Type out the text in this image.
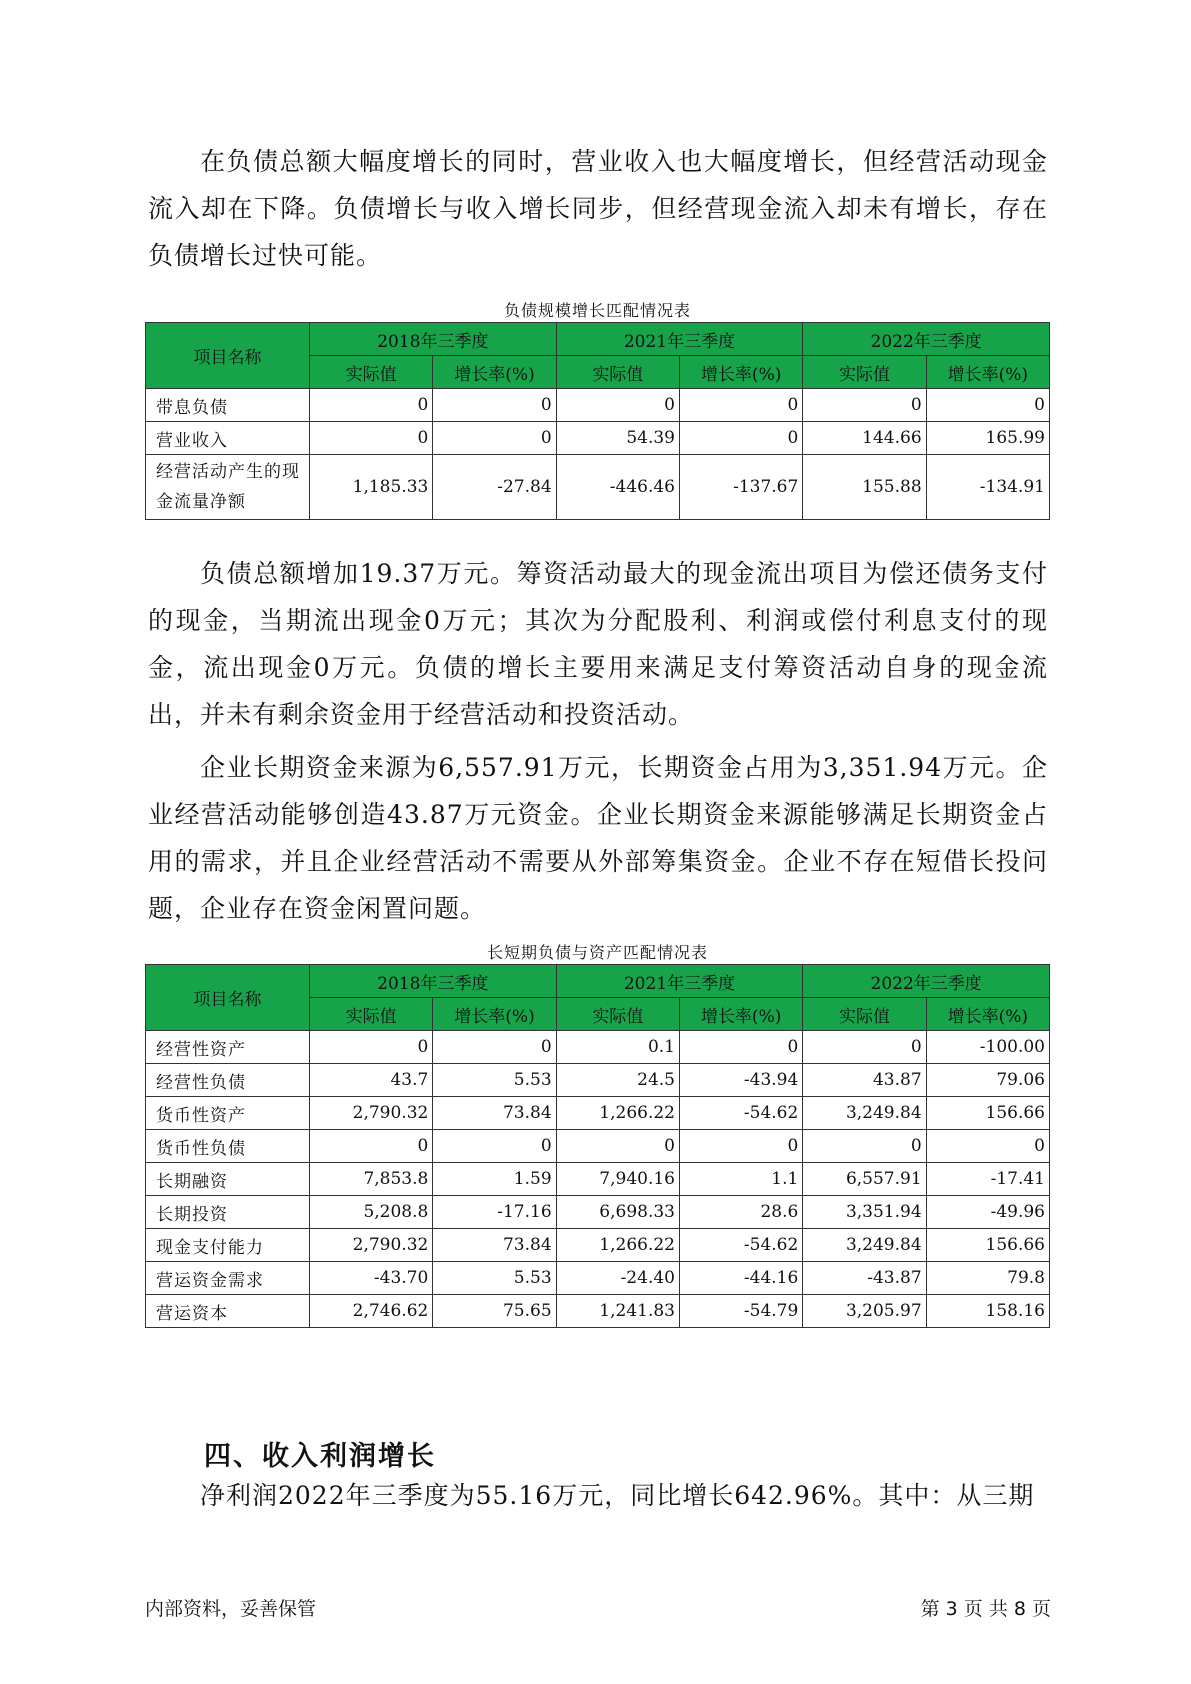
在负债总额大幅度增长的同时，营业收入也大幅度增长，但经营活动现金流入却在下降。负债增长与收入增长同步，但经营现金流入却未有增长，存在负债增长过快可能。

负债规模增长匹配情况表
项目名称	2018年三季度		2021年三季度		2022年三季度	
	实际值	增长率(%)	实际值	增长率(%)	实际值	增长率(%)
带息负债	0	0	0	0	0	0
营业收入	0	0	54.39	0	144.66	165.99
经营活动产生的现金流量净额	1,185.33	-27.84	-446.46	-137.67	155.88	-134.91

负债总额增加19.37万元。筹资活动最大的现金流出项目为偿还债务支付的现金，当期流出现金0万元；其次为分配股利、利润或偿付利息支付的现金，流出现金0万元。负债的增长主要用来满足支付筹资活动自身的现金流出，并未有剩余资金用于经营活动和投资活动。

企业长期资金来源为6,557.91万元，长期资金占用为3,351.94万元。企业经营活动能够创造43.87万元资金。企业长期资金来源能够满足长期资金占用的需求，并且企业经营活动不需要从外部筹集资金。企业不存在短借长投问题，企业存在资金闲置问题。

长短期负债与资产匹配情况表
项目名称	2018年三季度		2021年三季度		2022年三季度	
	实际值	增长率(%)	实际值	增长率(%)	实际值	增长率(%)
经营性资产	0	0	0.1	0	0	-100.00
经营性负债	43.7	5.53	24.5	-43.94	43.87	79.06
货币性资产	2,790.32	73.84	1,266.22	-54.62	3,249.84	156.66
货币性负债	0	0	0	0	0	0
长期融资	7,853.8	1.59	7,940.16	1.1	6,557.91	-17.41
长期投资	5,208.8	-17.16	6,698.33	28.6	3,351.94	-49.96
现金支付能力	2,790.32	73.84	1,266.22	-54.62	3,249.84	156.66
营运资金需求	-43.70	5.53	-24.40	-44.16	-43.87	79.8
营运资本	2,746.62	75.65	1,241.83	-54.79	3,205.97	158.16
四、收入利润增长

净利润2022年三季度为55.16万元，同比增长642.96%。其中：从三期

内部资料，妥善保管	第 3 页 共 8 页
